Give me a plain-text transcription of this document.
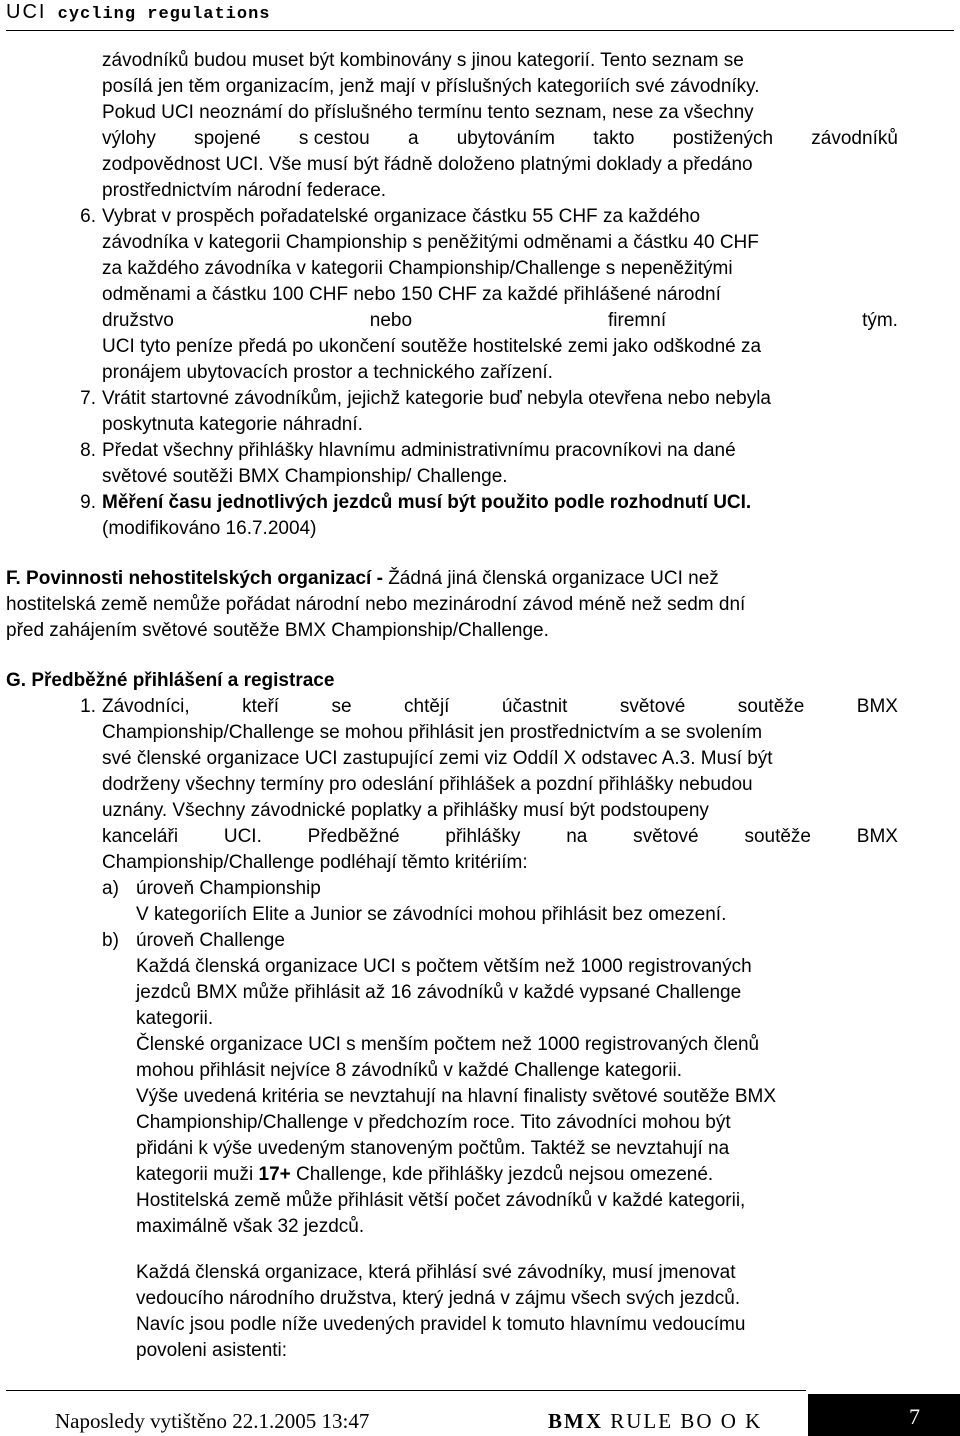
UCI cycling regulations
závodníků budou muset být kombinovány s jinou kategorií. Tento seznam se
posílá jen těm organizacím, jenž mají v příslušných kategoriích své závodníky.
Pokud UCI neoznámí do příslušného termínu tento seznam, nese za všechny
výlohy spojené s cestou a ubytováním takto postižených závodníků
zodpovědnost UCI. Vše musí být řádně doloženo platnými doklady a předáno
prostřednictvím národní federace.
6. Vybrat v prospěch pořadatelské organizace částku 55 CHF za každého
závodníka v kategorii Championship s peněžitými odměnami a částku 40 CHF
za každého závodníka v kategorii Championship/Challenge s nepeněžitými
odměnami a částku 100 CHF nebo 150 CHF za každé přihlášené národní
družstvo	nebo	firemní	tým.
UCI tyto peníze předá po ukončení soutěže hostitelské zemi jako odškodné za
pronájem ubytovacích prostor a technického zařízení.
7. Vrátit startovné závodníkům, jejichž kategorie buď nebyla otevřena nebo nebyla
poskytnuta kategorie náhradní.
8. Předat všechny přihlášky hlavnímu administrativnímu pracovníkovi na dané
světové soutěži BMX Championship/ Challenge.
9. Měření času jednotlivých jezdců musí být použito podle rozhodnutí UCI.
(modifikováno 16.7.2004)
F. Povinnosti nehostitelských organizací - Žádná jiná členská organizace UCI než
hostitelská země nemůže pořádat národní nebo mezinárodní závod méně než sedm dní
před zahájením světové soutěže BMX Championship/Challenge.
G. Předběžné přihlášení a registrace
1. Závodníci,	kteří	se	chtějí	účastnit	světové	soutěže	BMX
Championship/Challenge se mohou přihlásit jen prostřednictvím a se svolením
své členské organizace UCI zastupující zemi viz Oddíl X odstavec A.3. Musí být
dodrženy všechny termíny pro odeslání přihlášek a pozdní přihlášky nebudou
uznány. Všechny závodnické poplatky a přihlášky musí být podstoupeny
kanceláři UCI. Předběžné přihlášky na světové soutěže BMX
Championship/Challenge podléhají těmto kritériím:
a) úroveň Championship
V kategoriích Elite a Junior se závodníci mohou přihlásit bez omezení.
b) úroveň Challenge
Každá členská organizace UCI s počtem větším než 1000 registrovaných
jezdců BMX může přihlásit až 16 závodníků v každé vypsané Challenge
kategorii.
Členské organizace UCI s menším počtem než 1000 registrovaných členů
mohou přihlásit nejvíce 8 závodníků v každé Challenge kategorii.
Výše uvedená kritéria se nevztahují na hlavní finalisty světové soutěže BMX
Championship/Challenge v předchozím roce. Tito závodníci mohou být
přidáni k výše uvedeným stanoveným počtům. Taktéž se nevztahují na
kategorii muži 17+ Challenge, kde přihlášky jezdců nejsou omezené.
Hostitelská země může přihlásit větší počet závodníků v každé kategorii,
maximálně však 32 jezdců.
Každá členská organizace, která přihlásí své závodníky, musí jmenovat
vedoucího národního družstva, který jedná v zájmu všech svých jezdců.
Navíc jsou podle níže uvedených pravidel k tomuto hlavnímu vedoucímu
povoleni asistenti:
Naposledy vytištěno 22.1.2005 13:47	BMX RULE BO O K	7
